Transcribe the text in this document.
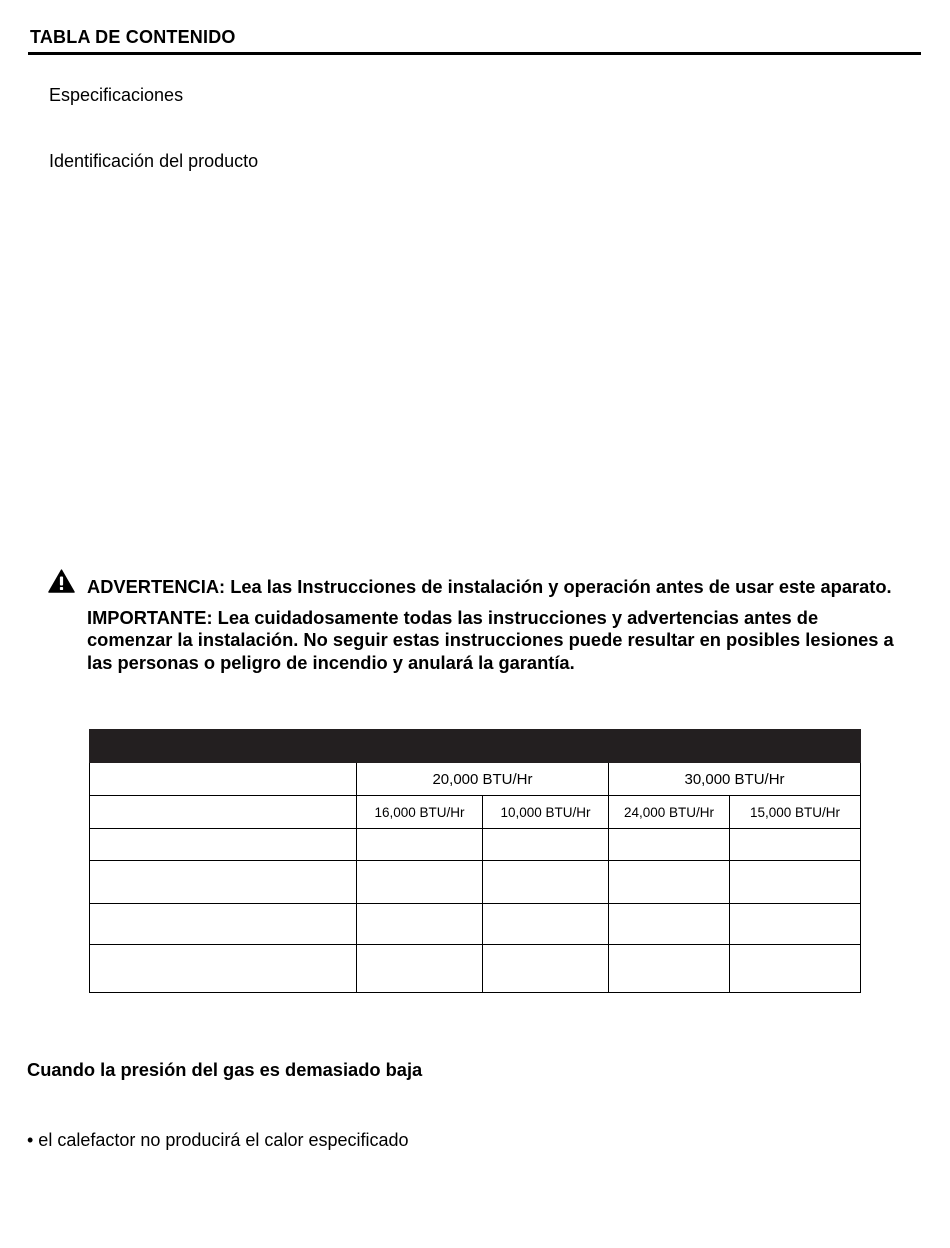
TABLA DE CONTENIDO
Especificaciones
Identificación del producto
ADVERTENCIA: Lea las Instrucciones de instalación y operación antes de usar este aparato.
IMPORTANTE: Lea cuidadosamente todas las instrucciones y advertencias antes de comenzar la instalación. No seguir estas instrucciones puede resultar en posibles lesiones a las personas o peligro de incendio y anulará la garantía.

	20,000 BTU/Hr		30,000 BTU/Hr	
	16,000 BTU/Hr	10,000 BTU/Hr	24,000 BTU/Hr	15,000 BTU/Hr

Cuando la presión del gas es demasiado baja
• el calefactor no producirá el calor especificado
